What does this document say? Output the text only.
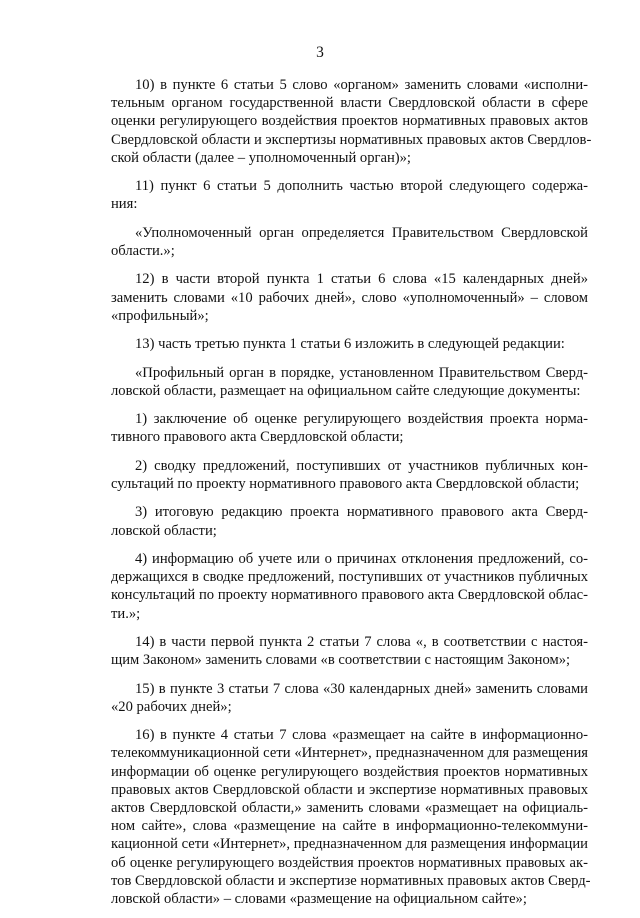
3
10) в пункте 6 статьи 5 слово «органом» заменить словами «исполни-
тельным органом государственной власти Свердловской области в сфере
оценки регулирующего воздействия проектов нормативных правовых актов
Свердловской области и экспертизы нормативных правовых актов Свердлов-
ской области (далее – уполномоченный орган)»;
11) пункт 6 статьи 5 дополнить частью второй следующего содержа-
ния:
«Уполномоченный орган определяется Правительством Свердловской
области.»;
12) в части второй пункта 1 статьи 6 слова «15 календарных дней»
заменить словами «10 рабочих дней», слово «уполномоченный» – словом
«профильный»;
13) часть третью пункта 1 статьи 6 изложить в следующей редакции:
«Профильный орган в порядке, установленном Правительством Сверд-
ловской области, размещает на официальном сайте следующие документы:
1) заключение об оценке регулирующего воздействия проекта норма-
тивного правового акта Свердловской области;
2) сводку предложений, поступивших от участников публичных кон-
сультаций по проекту нормативного правового акта Свердловской области;
3) итоговую редакцию проекта нормативного правового акта Сверд-
ловской области;
4) информацию об учете или о причинах отклонения предложений, со-
держащихся в сводке предложений, поступивших от участников публичных
консультаций по проекту нормативного правового акта Свердловской облас-
ти.»;
14) в части первой пункта 2 статьи 7 слова «, в соответствии с настоя-
щим Законом» заменить словами «в соответствии с настоящим Законом»;
15) в пункте 3 статьи 7 слова «30 календарных дней» заменить словами
«20 рабочих дней»;
16) в пункте 4 статьи 7 слова «размещает на сайте в информационно-
телекоммуникационной сети «Интернет», предназначенном для размещения
информации об оценке регулирующего воздействия проектов нормативных
правовых актов Свердловской области и экспертизе нормативных правовых
актов Свердловской области,» заменить словами «размещает на официаль-
ном сайте», слова «размещение на сайте в информационно-телекоммуни-
кационной сети «Интернет», предназначенном для размещения информации
об оценке регулирующего воздействия проектов нормативных правовых ак-
тов Свердловской области и экспертизе нормативных правовых актов Сверд-
ловской области» – словами «размещение на официальном сайте»;
